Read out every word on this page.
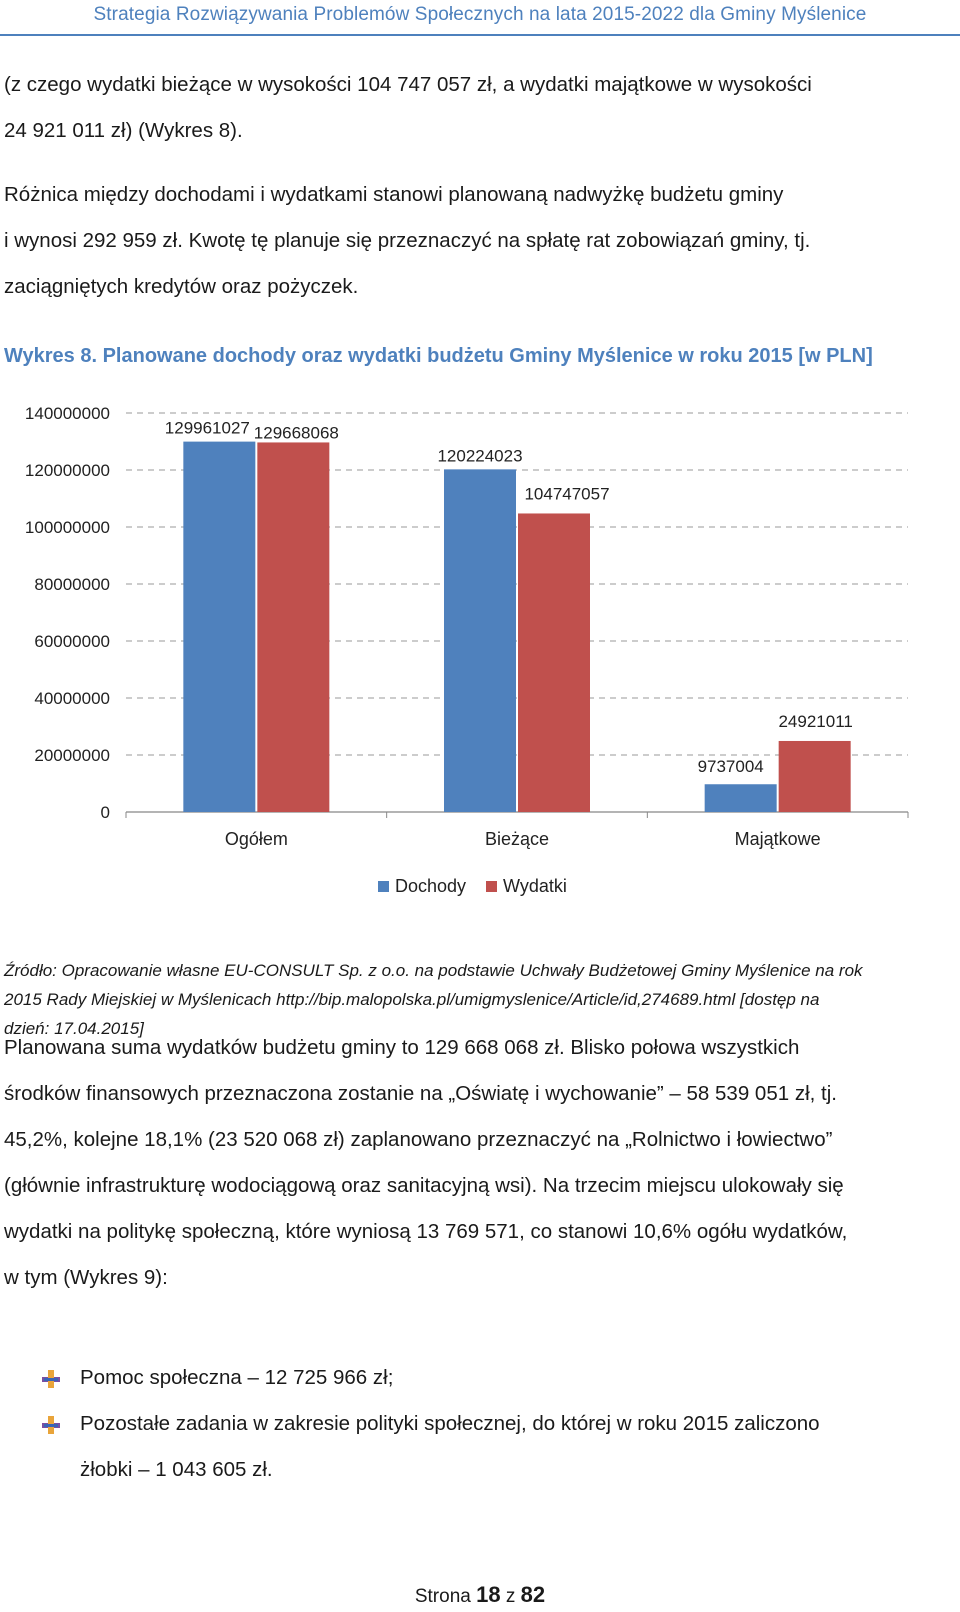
Strategia Rozwiązywania Problemów Społecznych na lata 2015-2022 dla Gminy Myślenice

(z czego wydatki bieżące w wysokości 104 747 057 zł, a wydatki majątkowe w wysokości
24 921 011 zł) (Wykres 8).

Różnica między dochodami i wydatkami stanowi planowaną nadwyżkę budżetu gminy
i wynosi 292 959 zł. Kwotę tę planuje się przeznaczyć na spłatę rat zobowiązań gminy, tj.
zaciągniętych kredytów oraz pożyczek.

Wykres 8. Planowane dochody oraz wydatki budżetu Gminy Myślenice w roku 2015 [w PLN]

0
20000000
40000000
60000000
80000000
100000000
120000000
140000000
129961027 129668068
Ogółem
120224023
104747057
Bieżące
9737004
24921011
Majątkowe
Dochody Wydatki

Źródło: Opracowanie własne EU-CONSULT Sp. z o.o. na podstawie Uchwały Budżetowej Gminy Myślenice na rok
2015 Rady Miejskiej w Myślenicach http://bip.malopolska.pl/umigmyslenice/Article/id,274689.html [dostęp na
dzień: 17.04.2015]

Planowana suma wydatków budżetu gminy to 129 668 068 zł. Blisko połowa wszystkich
środków finansowych przeznaczona zostanie na „Oświatę i wychowanie” – 58 539 051 zł, tj.
45,2%, kolejne 18,1% (23 520 068 zł) zaplanowano przeznaczyć na „Rolnictwo i łowiectwo”
(głównie infrastrukturę wodociągową oraz sanitacyjną wsi). Na trzecim miejscu ulokowały się
wydatki na politykę społeczną, które wyniosą 13 769 571, co stanowi 10,6% ogółu wydatków,
w tym (Wykres 9):

Pomoc społeczna – 12 725 966 zł;
Pozostałe zadania w zakresie polityki społecznej, do której w roku 2015 zaliczono
żłobki – 1 043 605 zł.
Strona 18 z 82
